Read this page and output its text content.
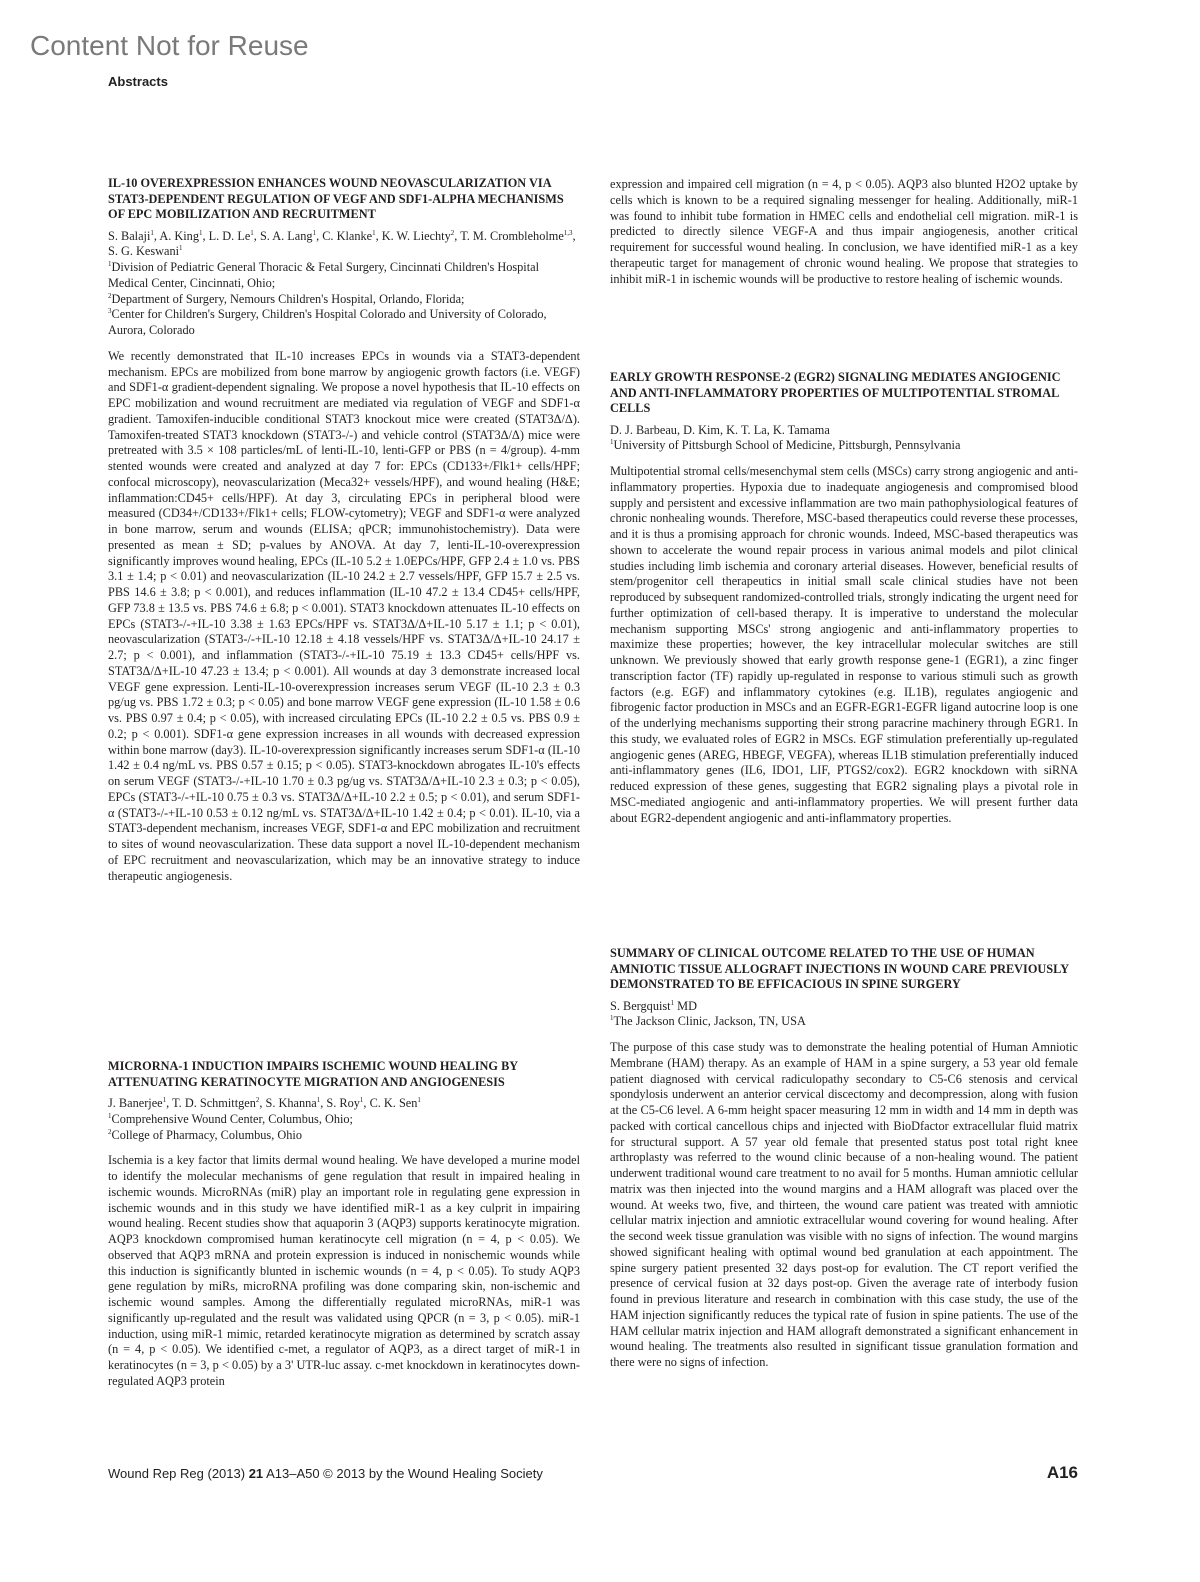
Content Not for Reuse
Abstracts

IL-10 OVEREXPRESSION ENHANCES WOUND NEOVASCULARIZATION VIA STAT3-DEPENDENT REGULATION OF VEGF AND SDF1-ALPHA MECHANISMS OF EPC MOBILIZATION AND RECRUITMENT

S. Balaji$^1$, A. King$^1$, L. D. Le$^1$, S. A. Lang$^1$, C. Klanke$^1$, K. W. Liechty$^2$, T. M. Crombleholme$^{1,3}$, S. G. Keswani$^1$

$^1$Division of Pediatric General Thoracic & Fetal Surgery, Cincinnati Children's Hospital Medical Center, Cincinnati, Ohio;
$^2$Department of Surgery, Nemours Children's Hospital, Orlando, Florida;
$^3$Center for Children's Surgery, Children's Hospital Colorado and University of Colorado, Aurora, Colorado

We recently demonstrated that IL-10 increases EPCs in wounds via a STAT3-dependent mechanism. EPCs are mobilized from bone marrow by angiogenic growth factors (i.e. VEGF) and SDF1-α gradient-dependent signaling. We propose a novel hypothesis that IL-10 effects on EPC mobilization and wound recruitment are mediated via regulation of VEGF and SDF1-α gradient. Tamoxifen-inducible conditional STAT3 knockout mice were created (STAT3Δ/Δ). Tamoxifen-treated STAT3 knockdown (STAT3-/-) and vehicle control (STAT3Δ/Δ) mice were pretreated with 3.5 × 108 particles/mL of lenti-IL-10, lenti-GFP or PBS (n = 4/group). 4-mm stented wounds were created and analyzed at day 7 for: EPCs (CD133+/Flk1+ cells/HPF; confocal microscopy), neovascularization (Meca32+ vessels/HPF), and wound healing (H&E; inflammation:CD45+ cells/HPF). At day 3, circulating EPCs in peripheral blood were measured (CD34+/CD133+/Flk1+ cells; FLOW-cytometry); VEGF and SDF1-α were analyzed in bone marrow, serum and wounds (ELISA; qPCR; immunohistochemistry). Data were presented as mean ± SD; p-values by ANOVA. At day 7, lenti-IL-10-overexpression significantly improves wound healing, EPCs (IL-10 5.2 ± 1.0EPCs/HPF, GFP 2.4 ± 1.0 vs. PBS 3.1 ± 1.4; p < 0.01) and neovascularization (IL-10 24.2 ± 2.7 vessels/HPF, GFP 15.7 ± 2.5 vs. PBS 14.6 ± 3.8; p < 0.001), and reduces inflammation (IL-10 47.2 ± 13.4 CD45+ cells/HPF, GFP 73.8 ± 13.5 vs. PBS 74.6 ± 6.8; p < 0.001). STAT3 knockdown attenuates IL-10 effects on EPCs (STAT3-/-+IL-10 3.38 ± 1.63 EPCs/HPF vs. STAT3Δ/Δ+IL-10 5.17 ± 1.1; p < 0.01), neovascularization (STAT3-/-+IL-10 12.18 ± 4.18 vessels/HPF vs. STAT3Δ/Δ+IL-10 24.17 ± 2.7; p < 0.001), and inflammation (STAT3-/-+IL-10 75.19 ± 13.3 CD45+ cells/HPF vs. STAT3Δ/Δ+IL-10 47.23 ± 13.4; p < 0.001). All wounds at day 3 demonstrate increased local VEGF gene expression. Lenti-IL-10-overexpression increases serum VEGF (IL-10 2.3 ± 0.3 pg/ug vs. PBS 1.72 ± 0.3; p < 0.05) and bone marrow VEGF gene expression (IL-10 1.58 ± 0.6 vs. PBS 0.97 ± 0.4; p < 0.05), with increased circulating EPCs (IL-10 2.2 ± 0.5 vs. PBS 0.9 ± 0.2; p < 0.001). SDF1-α gene expression increases in all wounds with decreased expression within bone marrow (day3). IL-10-overexpression significantly increases serum SDF1-α (IL-10 1.42 ± 0.4 ng/mL vs. PBS 0.57 ± 0.15; p < 0.05). STAT3-knockdown abrogates IL-10's effects on serum VEGF (STAT3-/-+IL-10 1.70 ± 0.3 pg/ug vs. STAT3Δ/Δ+IL-10 2.3 ± 0.3; p < 0.05), EPCs (STAT3-/-+IL-10 0.75 ± 0.3 vs. STAT3Δ/Δ+IL-10 2.2 ± 0.5; p < 0.01), and serum SDF1-α (STAT3-/-+IL-10 0.53 ± 0.12 ng/mL vs. STAT3Δ/Δ+IL-10 1.42 ± 0.4; p < 0.01). IL-10, via a STAT3-dependent mechanism, increases VEGF, SDF1-α and EPC mobilization and recruitment to sites of wound neovascularization. These data support a novel IL-10-dependent mechanism of EPC recruitment and neovascularization, which may be an innovative strategy to induce therapeutic angiogenesis.

MICRORNA-1 INDUCTION IMPAIRS ISCHEMIC WOUND HEALING BY ATTENUATING KERATINOCYTE MIGRATION AND ANGIOGENESIS

J. Banerjee$^1$, T. D. Schmittgen$^2$, S. Khanna$^1$, S. Roy$^1$, C. K. Sen$^1$

$^1$Comprehensive Wound Center, Columbus, Ohio;
$^2$College of Pharmacy, Columbus, Ohio

Ischemia is a key factor that limits dermal wound healing. We have developed a murine model to identify the molecular mechanisms of gene regulation that result in impaired healing in ischemic wounds. MicroRNAs (miR) play an important role in regulating gene expression in ischemic wounds and in this study we have identified miR-1 as a key culprit in impairing wound healing. Recent studies show that aquaporin 3 (AQP3) supports keratinocyte migration. AQP3 knockdown compromised human keratinocyte cell migration (n = 4, p < 0.05). We observed that AQP3 mRNA and protein expression is induced in nonischemic wounds while this induction is significantly blunted in ischemic wounds (n = 4, p < 0.05). To study AQP3 gene regulation by miRs, microRNA profiling was done comparing skin, non-ischemic and ischemic wound samples. Among the differentially regulated microRNAs, miR-1 was significantly up-regulated and the result was validated using QPCR (n = 3, p < 0.05). miR-1 induction, using miR-1 mimic, retarded keratinocyte migration as determined by scratch assay (n = 4, p < 0.05). We identified c-met, a regulator of AQP3, as a direct target of miR-1 in keratinocytes (n = 3, p < 0.05) by a 3' UTR-luc assay. c-met knockdown in keratinocytes down-regulated AQP3 protein

expression and impaired cell migration (n = 4, p < 0.05). AQP3 also blunted H2O2 uptake by cells which is known to be a required signaling messenger for healing. Additionally, miR-1 was found to inhibit tube formation in HMEC cells and endothelial cell migration. miR-1 is predicted to directly silence VEGF-A and thus impair angiogenesis, another critical requirement for successful wound healing. In conclusion, we have identified miR-1 as a key therapeutic target for management of chronic wound healing. We propose that strategies to inhibit miR-1 in ischemic wounds will be productive to restore healing of ischemic wounds.

EARLY GROWTH RESPONSE-2 (EGR2) SIGNALING MEDIATES ANGIOGENIC AND ANTI-INFLAMMATORY PROPERTIES OF MULTIPOTENTIAL STROMAL CELLS

D. J. Barbeau, D. Kim, K. T. La, K. Tamama

$^1$University of Pittsburgh School of Medicine, Pittsburgh, Pennsylvania

Multipotential stromal cells/mesenchymal stem cells (MSCs) carry strong angiogenic and anti-inflammatory properties. Hypoxia due to inadequate angiogenesis and compromised blood supply and persistent and excessive inflammation are two main pathophysiological features of chronic nonhealing wounds. Therefore, MSC-based therapeutics could reverse these processes, and it is thus a promising approach for chronic wounds. Indeed, MSC-based therapeutics was shown to accelerate the wound repair process in various animal models and pilot clinical studies including limb ischemia and coronary arterial diseases. However, beneficial results of stem/progenitor cell therapeutics in initial small scale clinical studies have not been reproduced by subsequent randomized-controlled trials, strongly indicating the urgent need for further optimization of cell-based therapy. It is imperative to understand the molecular mechanism supporting MSCs' strong angiogenic and anti-inflammatory properties to maximize these properties; however, the key intracellular molecular switches are still unknown. We previously showed that early growth response gene-1 (EGR1), a zinc finger transcription factor (TF) rapidly up-regulated in response to various stimuli such as growth factors (e.g. EGF) and inflammatory cytokines (e.g. IL1B), regulates angiogenic and fibrogenic factor production in MSCs and an EGFR-EGR1-EGFR ligand autocrine loop is one of the underlying mechanisms supporting their strong paracrine machinery through EGR1. In this study, we evaluated roles of EGR2 in MSCs. EGF stimulation preferentially up-regulated angiogenic genes (AREG, HBEGF, VEGFA), whereas IL1B stimulation preferentially induced anti-inflammatory genes (IL6, IDO1, LIF, PTGS2/cox2). EGR2 knockdown with siRNA reduced expression of these genes, suggesting that EGR2 signaling plays a pivotal role in MSC-mediated angiogenic and anti-inflammatory properties. We will present further data about EGR2-dependent angiogenic and anti-inflammatory properties.

SUMMARY OF CLINICAL OUTCOME RELATED TO THE USE OF HUMAN AMNIOTIC TISSUE ALLOGRAFT INJECTIONS IN WOUND CARE PREVIOUSLY DEMONSTRATED TO BE EFFICACIOUS IN SPINE SURGERY

S. Bergquist$^1$ MD

$^1$The Jackson Clinic, Jackson, TN, USA

The purpose of this case study was to demonstrate the healing potential of Human Amniotic Membrane (HAM) therapy. As an example of HAM in a spine surgery, a 53 year old female patient diagnosed with cervical radiculopathy secondary to C5-C6 stenosis and cervical spondylosis underwent an anterior cervical discectomy and decompression, along with fusion at the C5-C6 level. A 6-mm height spacer measuring 12 mm in width and 14 mm in depth was packed with cortical cancellous chips and injected with BioDfactor extracellular fluid matrix for structural support. A 57 year old female that presented status post total right knee arthroplasty was referred to the wound clinic because of a non-healing wound. The patient underwent traditional wound care treatment to no avail for 5 months. Human amniotic cellular matrix was then injected into the wound margins and a HAM allograft was placed over the wound. At weeks two, five, and thirteen, the wound care patient was treated with amniotic cellular matrix injection and amniotic extracellular wound covering for wound healing. After the second week tissue granulation was visible with no signs of infection. The wound margins showed significant healing with optimal wound bed granulation at each appointment. The spine surgery patient presented 32 days post-op for evalution. The CT report verified the presence of cervical fusion at 32 days post-op. Given the average rate of interbody fusion found in previous literature and research in combination with this case study, the use of the HAM injection significantly reduces the typical rate of fusion in spine patients. The use of the HAM cellular matrix injection and HAM allograft demonstrated a significant enhancement in wound healing. The treatments also resulted in significant tissue granulation formation and there were no signs of infection.

Wound Rep Reg (2013) 21 A13–A50 © 2013 by the Wound Healing Society	A16
